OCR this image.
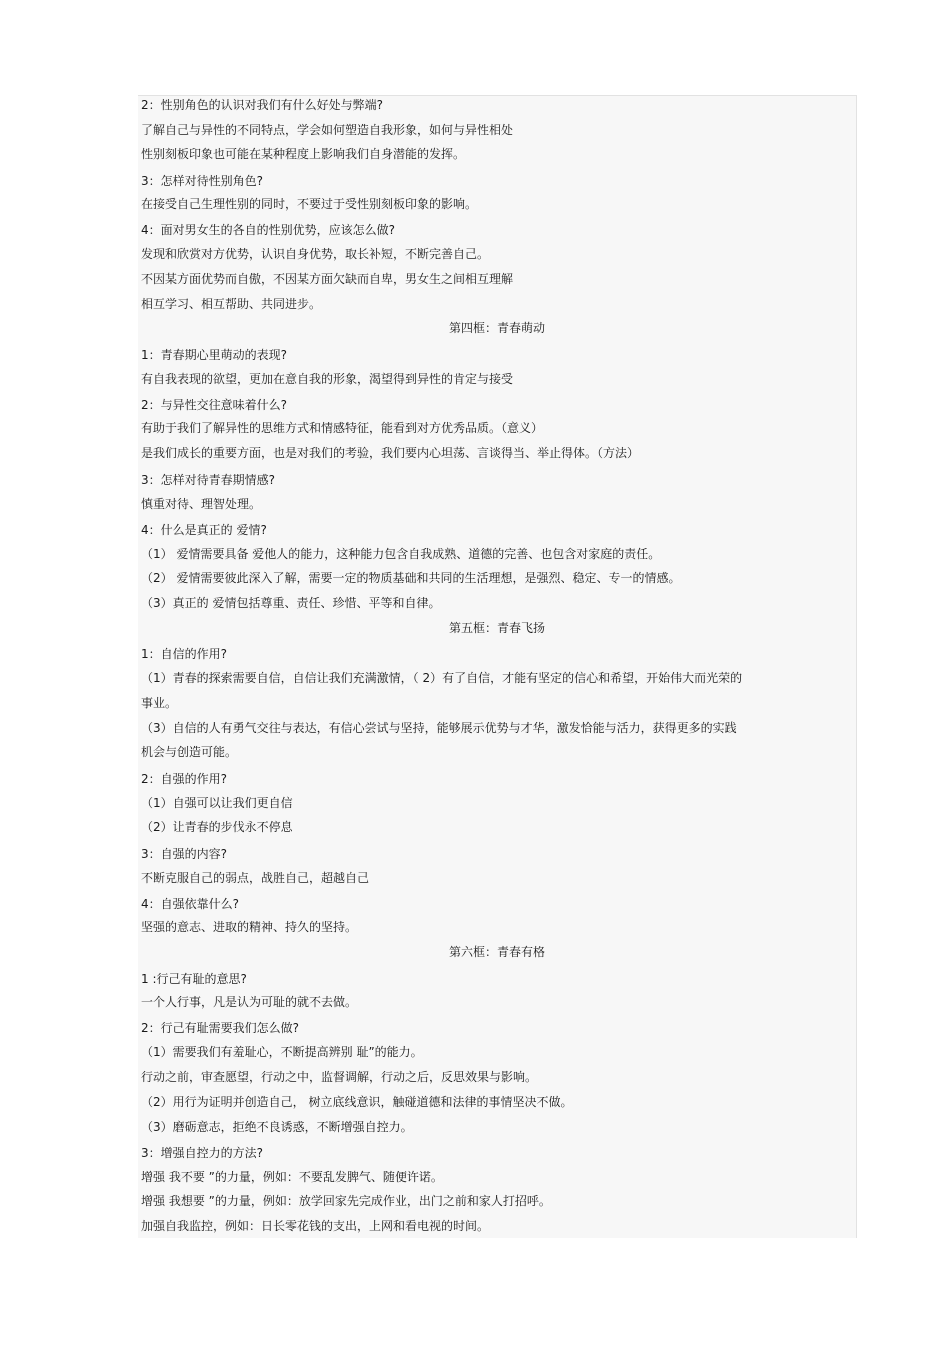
2：性别角色的认识对我们有什么好处与弊端?
了解自己与异性的不同特点，学会如何塑造自我形象，如何与异性相处
性别刻板印象也可能在某种程度上影响我们自身潜能的发挥。
3：怎样对待性别角色?
在接受自己生理性别的同时，不要过于受性别刻板印象的影响。
4：面对男女生的各自的性别优势，应该怎么做?
发现和欣赏对方优势，认识自身优势，取长补短，不断完善自己。
不因某方面优势而自傲，不因某方面欠缺而自卑，男女生之间相互理解
相互学习、相互帮助、共同进步。
第四框：青春萌动
1：青春期心里萌动的表现?
有自我表现的欲望，更加在意自我的形象，渴望得到异性的肯定与接受
2：与异性交往意味着什么?
有助于我们了解异性的思维方式和情感特征，能看到对方优秀品质。（意义）
是我们成长的重要方面，也是对我们的考验，我们要内心坦荡、言谈得当、举止得体。（方法）
3：怎样对待青春期情感?
慎重对待、理智处理。
4：什么是真正的 爱情?
（1） 爱情需要具备 爱他人的能力，这种能力包含自我成熟、道德的完善、也包含对家庭的责任。
（2） 爱情需要彼此深入了解，需要一定的物质基础和共同的生活理想，是强烈、稳定、专一的情感。
（3）真正的 爱情包括尊重、责任、珍惜、平等和自律。
第五框：青春飞扬
1：自信的作用?
（1）青春的探索需要自信，自信让我们充满激情，（ 2）有了自信，才能有坚定的信心和希望，开始伟大而光荣的
事业。
（3）自信的人有勇气交往与表达，有信心尝试与坚持，能够展示优势与才华，激发恰能与活力，获得更多的实践
机会与创造可能。
2：自强的作用?
（1）自强可以让我们更自信
（2）让青春的步伐永不停息
3：自强的内容?
不断克服自己的弱点，战胜自己，超越自己
4：自强依靠什么?
坚强的意志、进取的精神、持久的坚持。
第六框：青春有格
1 :行己有耻的意思?
一个人行事，凡是认为可耻的就不去做。
2：行己有耻需要我们怎么做?
（1）需要我们有羞耻心，不断提高辨别 耻”的能力。
行动之前，审查愿望，行动之中，监督调解，行动之后，反思效果与影响。
（2）用行为证明并创造自己， 树立底线意识，触碰道德和法律的事情坚决不做。
（3）磨砺意志，拒绝不良诱惑，不断增强自控力。
3：增强自控力的方法?
增强 我不要 ”的力量，例如：不要乱发脾气、随便许诺。
增强 我想要 ”的力量，例如：放学回家先完成作业，出门之前和家人打招呼。
加强自我监控，例如：日长零花钱的支出，上网和看电视的时间。
